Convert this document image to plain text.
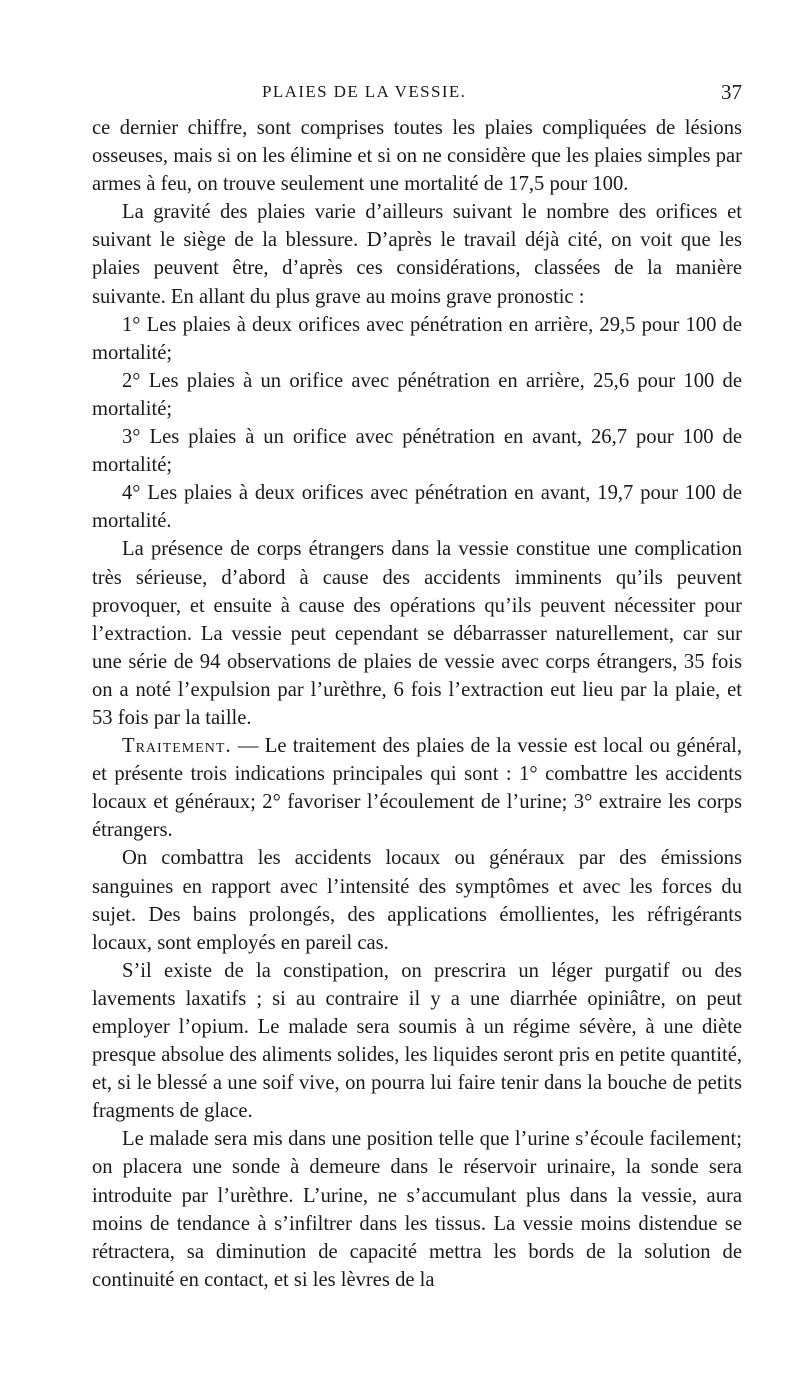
PLAIES DE LA VESSIE.	37

ce dernier chiffre, sont comprises toutes les plaies compliquées de lésions osseuses, mais si on les élimine et si on ne considère que les plaies simples par armes à feu, on trouve seulement une mortalité de 17,5 pour 100.

La gravité des plaies varie d’ailleurs suivant le nombre des orifices et suivant le siège de la blessure. D’après le travail déjà cité, on voit que les plaies peuvent être, d’après ces considérations, classées de la manière suivante. En allant du plus grave au moins grave pronostic :

1° Les plaies à deux orifices avec pénétration en arrière, 29,5 pour 100 de mortalité;

2° Les plaies à un orifice avec pénétration en arrière, 25,6 pour 100 de mortalité;

3° Les plaies à un orifice avec pénétration en avant, 26,7 pour 100 de mortalité;

4° Les plaies à deux orifices avec pénétration en avant, 19,7 pour 100 de mortalité.

La présence de corps étrangers dans la vessie constitue une complication très sérieuse, d’abord à cause des accidents imminents qu’ils peuvent provoquer, et ensuite à cause des opérations qu’ils peuvent nécessiter pour l’extraction. La vessie peut cependant se débarrasser naturellement, car sur une série de 94 observations de plaies de vessie avec corps étrangers, 35 fois on a noté l’expulsion par l’urèthre, 6 fois l’extraction eut lieu par la plaie, et 53 fois par la taille.

Traitement. — Le traitement des plaies de la vessie est local ou général, et présente trois indications principales qui sont : 1° combattre les accidents locaux et généraux; 2° favoriser l’écoulement de l’urine; 3° extraire les corps étrangers.

On combattra les accidents locaux ou généraux par des émissions sanguines en rapport avec l’intensité des symptômes et avec les forces du sujet. Des bains prolongés, des applications émollientes, les réfrigérants locaux, sont employés en pareil cas.

S’il existe de la constipation, on prescrira un léger purgatif ou des lavements laxatifs ; si au contraire il y a une diarrhée opiniâtre, on peut employer l’opium. Le malade sera soumis à un régime sévère, à une diète presque absolue des aliments solides, les liquides seront pris en petite quantité, et, si le blessé a une soif vive, on pourra lui faire tenir dans la bouche de petits fragments de glace.

Le malade sera mis dans une position telle que l’urine s’écoule facilement; on placera une sonde à demeure dans le réservoir urinaire, la sonde sera introduite par l’urèthre. L’urine, ne s’accumulant plus dans la vessie, aura moins de tendance à s’infiltrer dans les tissus. La vessie moins distendue se rétractera, sa diminution de capacité mettra les bords de la solution de continuité en contact, et si les lèvres de la
